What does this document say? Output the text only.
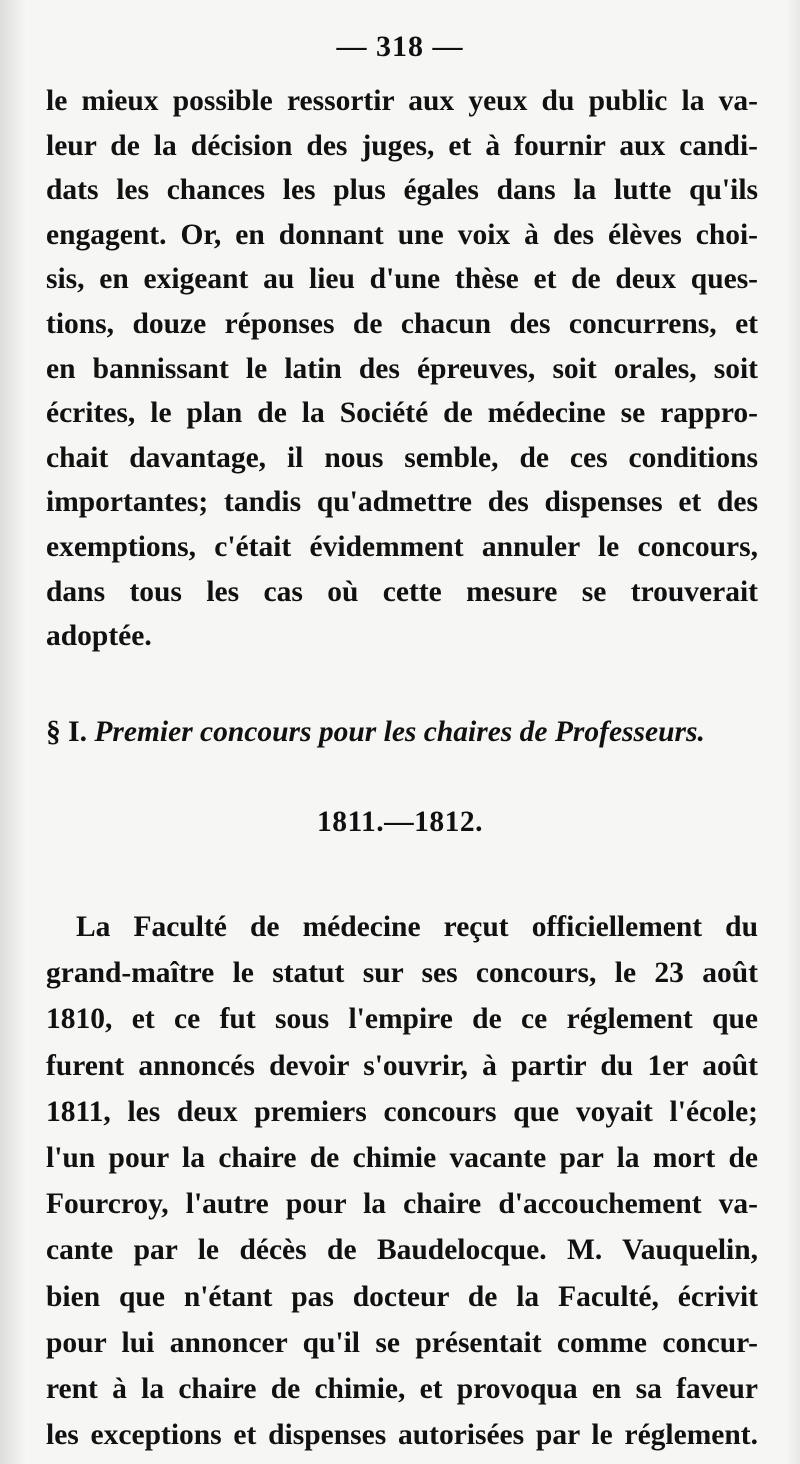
— 318 —
le mieux possible ressortir aux yeux du public la va-
leur de la décision des juges, et à fournir aux candi-
dats les chances les plus égales dans la lutte qu'ils
engagent. Or, en donnant une voix à des élèves choi-
sis, en exigeant au lieu d'une thèse et de deux ques-
tions, douze réponses de chacun des concurrens, et
en bannissant le latin des épreuves, soit orales, soit
écrites, le plan de la Société de médecine se rappro-
chait davantage, il nous semble, de ces conditions
importantes; tandis qu'admettre des dispenses et des
exemptions, c'était évidemment annuler le concours,
dans tous les cas où cette mesure se trouverait
adoptée.
§ I. Premier concours pour les chaires de Professeurs.
1811.—1812.
La Faculté de médecine reçut officiellement du
grand-maître le statut sur ses concours, le 23 août
1810, et ce fut sous l'empire de ce réglement que
furent annoncés devoir s'ouvrir, à partir du 1er août
1811, les deux premiers concours que voyait l'école;
l'un pour la chaire de chimie vacante par la mort de
Fourcroy, l'autre pour la chaire d'accouchement va-
cante par le décès de Baudelocque. M. Vauquelin,
bien que n'étant pas docteur de la Faculté, écrivit
pour lui annoncer qu'il se présentait comme concur-
rent à la chaire de chimie, et provoqua en sa faveur
les exceptions et dispenses autorisées par le réglement.
